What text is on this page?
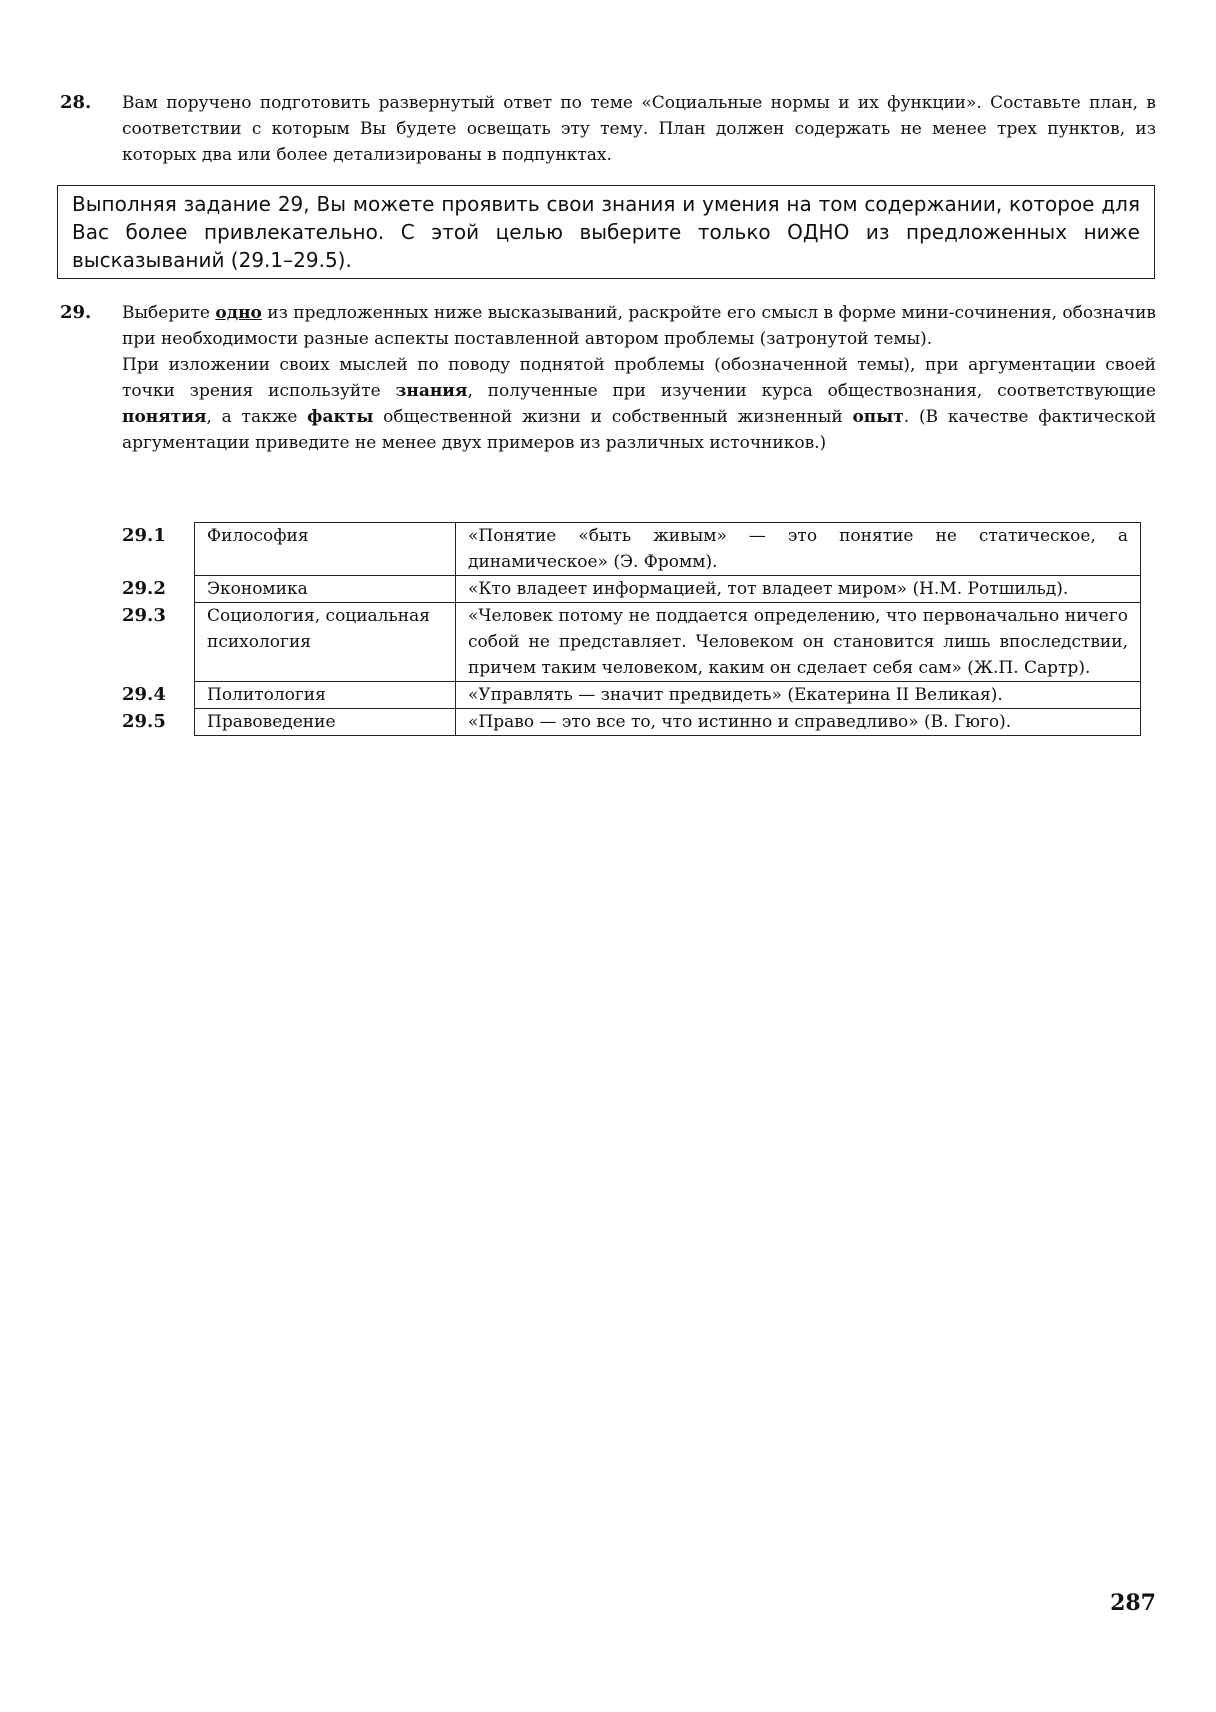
28. Вам поручено подготовить развернутый ответ по теме «Социальные нормы и их функции». Составьте план, в соответствии с которым Вы будете освещать эту тему. План должен содержать не менее трех пунктов, из которых два или более детализированы в подпунктах.

Выполняя задание 29, Вы можете проявить свои знания и умения на том содержании, которое для Вас более привлекательно. С этой целью выберите только ОДНО из предложенных ниже высказываний (29.1–29.5).
29. Выберите одно из предложенных ниже высказываний, раскройте его смысл в форме мини-сочинения, обозначив при необходимости разные аспекты поставленной автором проблемы (затронутой темы).

При изложении своих мыслей по поводу поднятой проблемы (обозначенной темы), при аргументации своей точки зрения используйте знания, полученные при изучении курса обществознания, соответствующие понятия, а также факты общественной жизни и собственный жизненный опыт. (В качестве фактической аргументации приведите не менее двух примеров из различных источников.)

29.1	Философия	«Понятие «быть живым» — это понятие не статическое, а динамическое» (Э. Фромм).
29.2	Экономика	«Кто владеет информацией, тот владеет миром» (Н.М. Ротшильд).
29.3	Социология, социальная психология	«Человек потому не поддается определению, что первоначально ничего собой не представляет. Человеком он становится лишь впоследствии, причем таким человеком, каким он сделает себя сам» (Ж.П. Сартр).
29.4	Политология	«Управлять — значит предвидеть» (Екатерина II Великая).
29.5	Правоведение	«Право — это все то, что истинно и справедливо» (В. Гюго).
287
